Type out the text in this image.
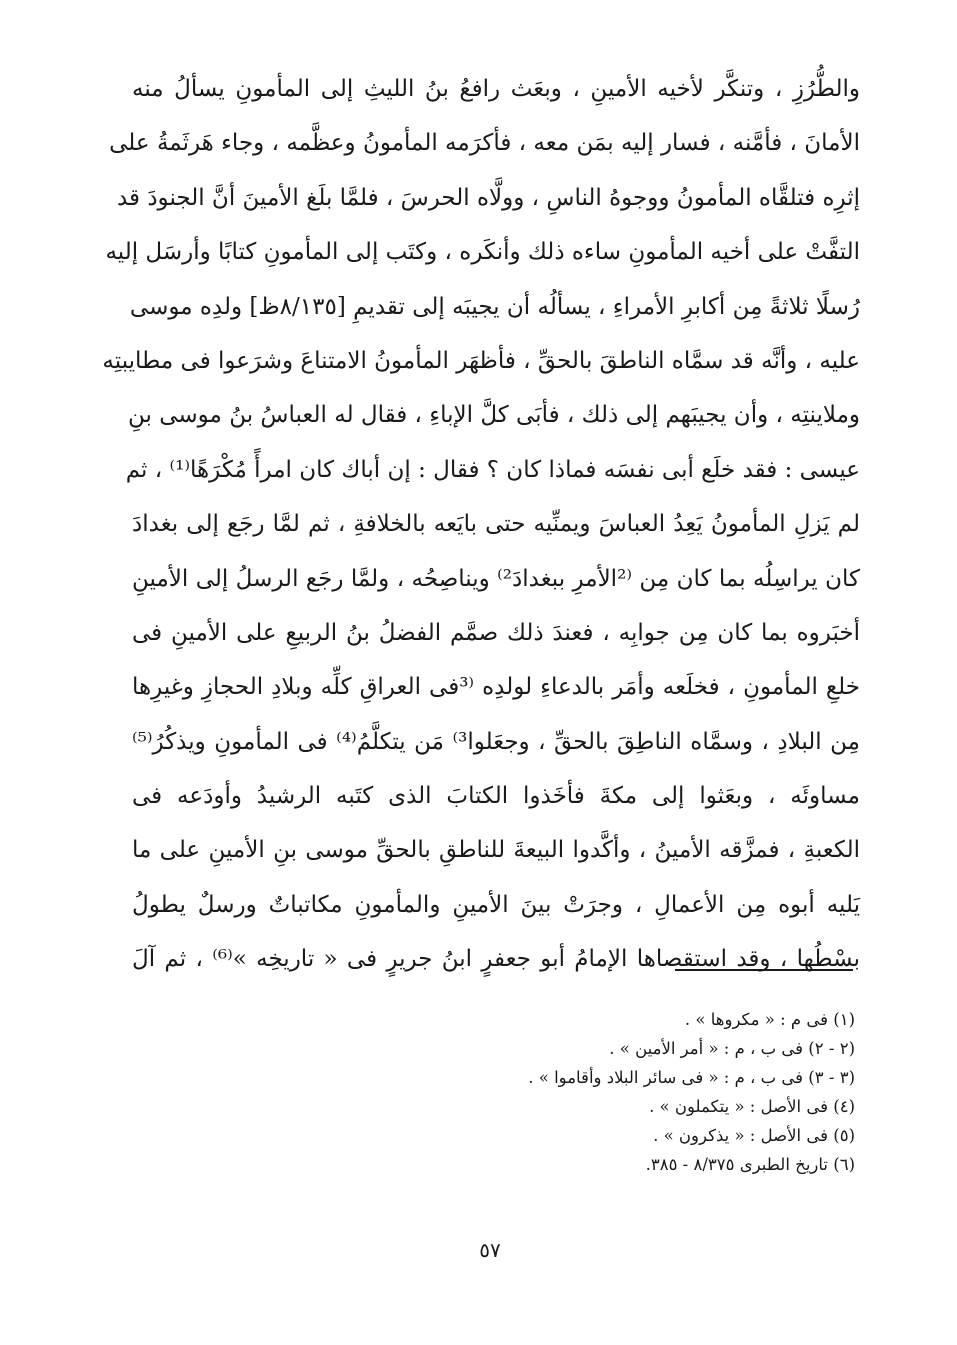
والطُّرُزِ ، وتنكَّر لأخيه الأمينِ ، وبعَث رافعُ بنُ الليثِ إلى المأمونِ يسألُ منه
الأمانَ ، فأمَّنه ، فسار إليه بمَن معه ، فأكرَمه المأمونُ وعظَّمه ، وجاء هَرثَمةُ على
إثرِه فتلقَّاه المأمونُ ووجوهُ الناسِ ، وولَّاه الحرسَ ، فلمَّا بلَغ الأمينَ أنَّ الجنودَ قد
التفَّتْ على أخيه المأمونِ ساءه ذلك وأنكَره ، وكتَب إلى المأمونِ كتابًا وأرسَل إليه
رُسلًا ثلاثةً مِن أكابرِ الأمراءِ ، يسألُه أن يجيبَه إلى تقديمِ [٨/١٣٥ظ] ولدِه موسى
عليه ، وأنَّه قد سمَّاه الناطقَ بالحقِّ ، فأظهَر المأمونُ الامتناعَ وشرَعوا فى مطايبتِه
وملاينتِه ، وأن يجيبَهم إلى ذلك ، فأبَى كلَّ الإباءِ ، فقال له العباسُ بنُ موسى بنِ
عيسى : فقد خلَع أبى نفسَه فماذا كان ؟ فقال : إن أباك كان امرأً مُكْرَهًا⁽¹⁾ ، ثم
لم يَزلِ المأمونُ يَعِدُ العباسَ ويمنِّيه حتى بايَعه بالخلافةِ ، ثم لمَّا رجَع إلى بغدادَ
كان يراسِلُه بما كان مِن ⁽²الأمرِ ببغدادَ²⁾ ويناصِحُه ، ولمَّا رجَع الرسلُ إلى الأمينِ
أخبَروه بما كان مِن جوابِه ، فعندَ ذلك صمَّم الفضلُ بنُ الربيعِ على الأمينِ فى
خلعِ المأمونِ ، فخلَعه وأمَر بالدعاءِ لولدِه ⁽³فى العراقِ كلِّه وبلادِ الحجازِ وغيرِها
مِن البلادِ ، وسمَّاه الناطِقَ بالحقِّ ، وجعَلوا³⁾ مَن يتكلَّمُ⁽⁴⁾ فى المأمونِ ويذكُرُ⁽⁵⁾
مساوئَه ، وبعَثوا إلى مكةَ فأخَذوا الكتابَ الذى كتَبه الرشيدُ وأودَعه فى
الكعبةِ ، فمزَّقه الأمينُ ، وأكَّدوا البيعةَ للناطقِ بالحقِّ موسى بنِ الأمينِ على ما
يَليه أبوه مِن الأعمالِ ، وجرَتْ بينَ الأمينِ والمأمونِ مكاتباتٌ ورسلٌ يطولُ
بسْطُها ، وقد استقصاها الإمامُ أبو جعفرٍ ابنُ جريرٍ فى « تاريخِه »⁽⁶⁾ ، ثم آلَ
(١) فى م : « مكروها » .
(٢ - ٢) فى ب ، م : « أمر الأمين » .
(٣ - ٣) فى ب ، م : « فى سائر البلاد وأقاموا » .
(٤) فى الأصل : « يتكملون » .
(٥) فى الأصل : « يذكرون » .
(٦) تاريخ الطبرى ٨/٣٧٥ - ٣٨٥.
٥٧
